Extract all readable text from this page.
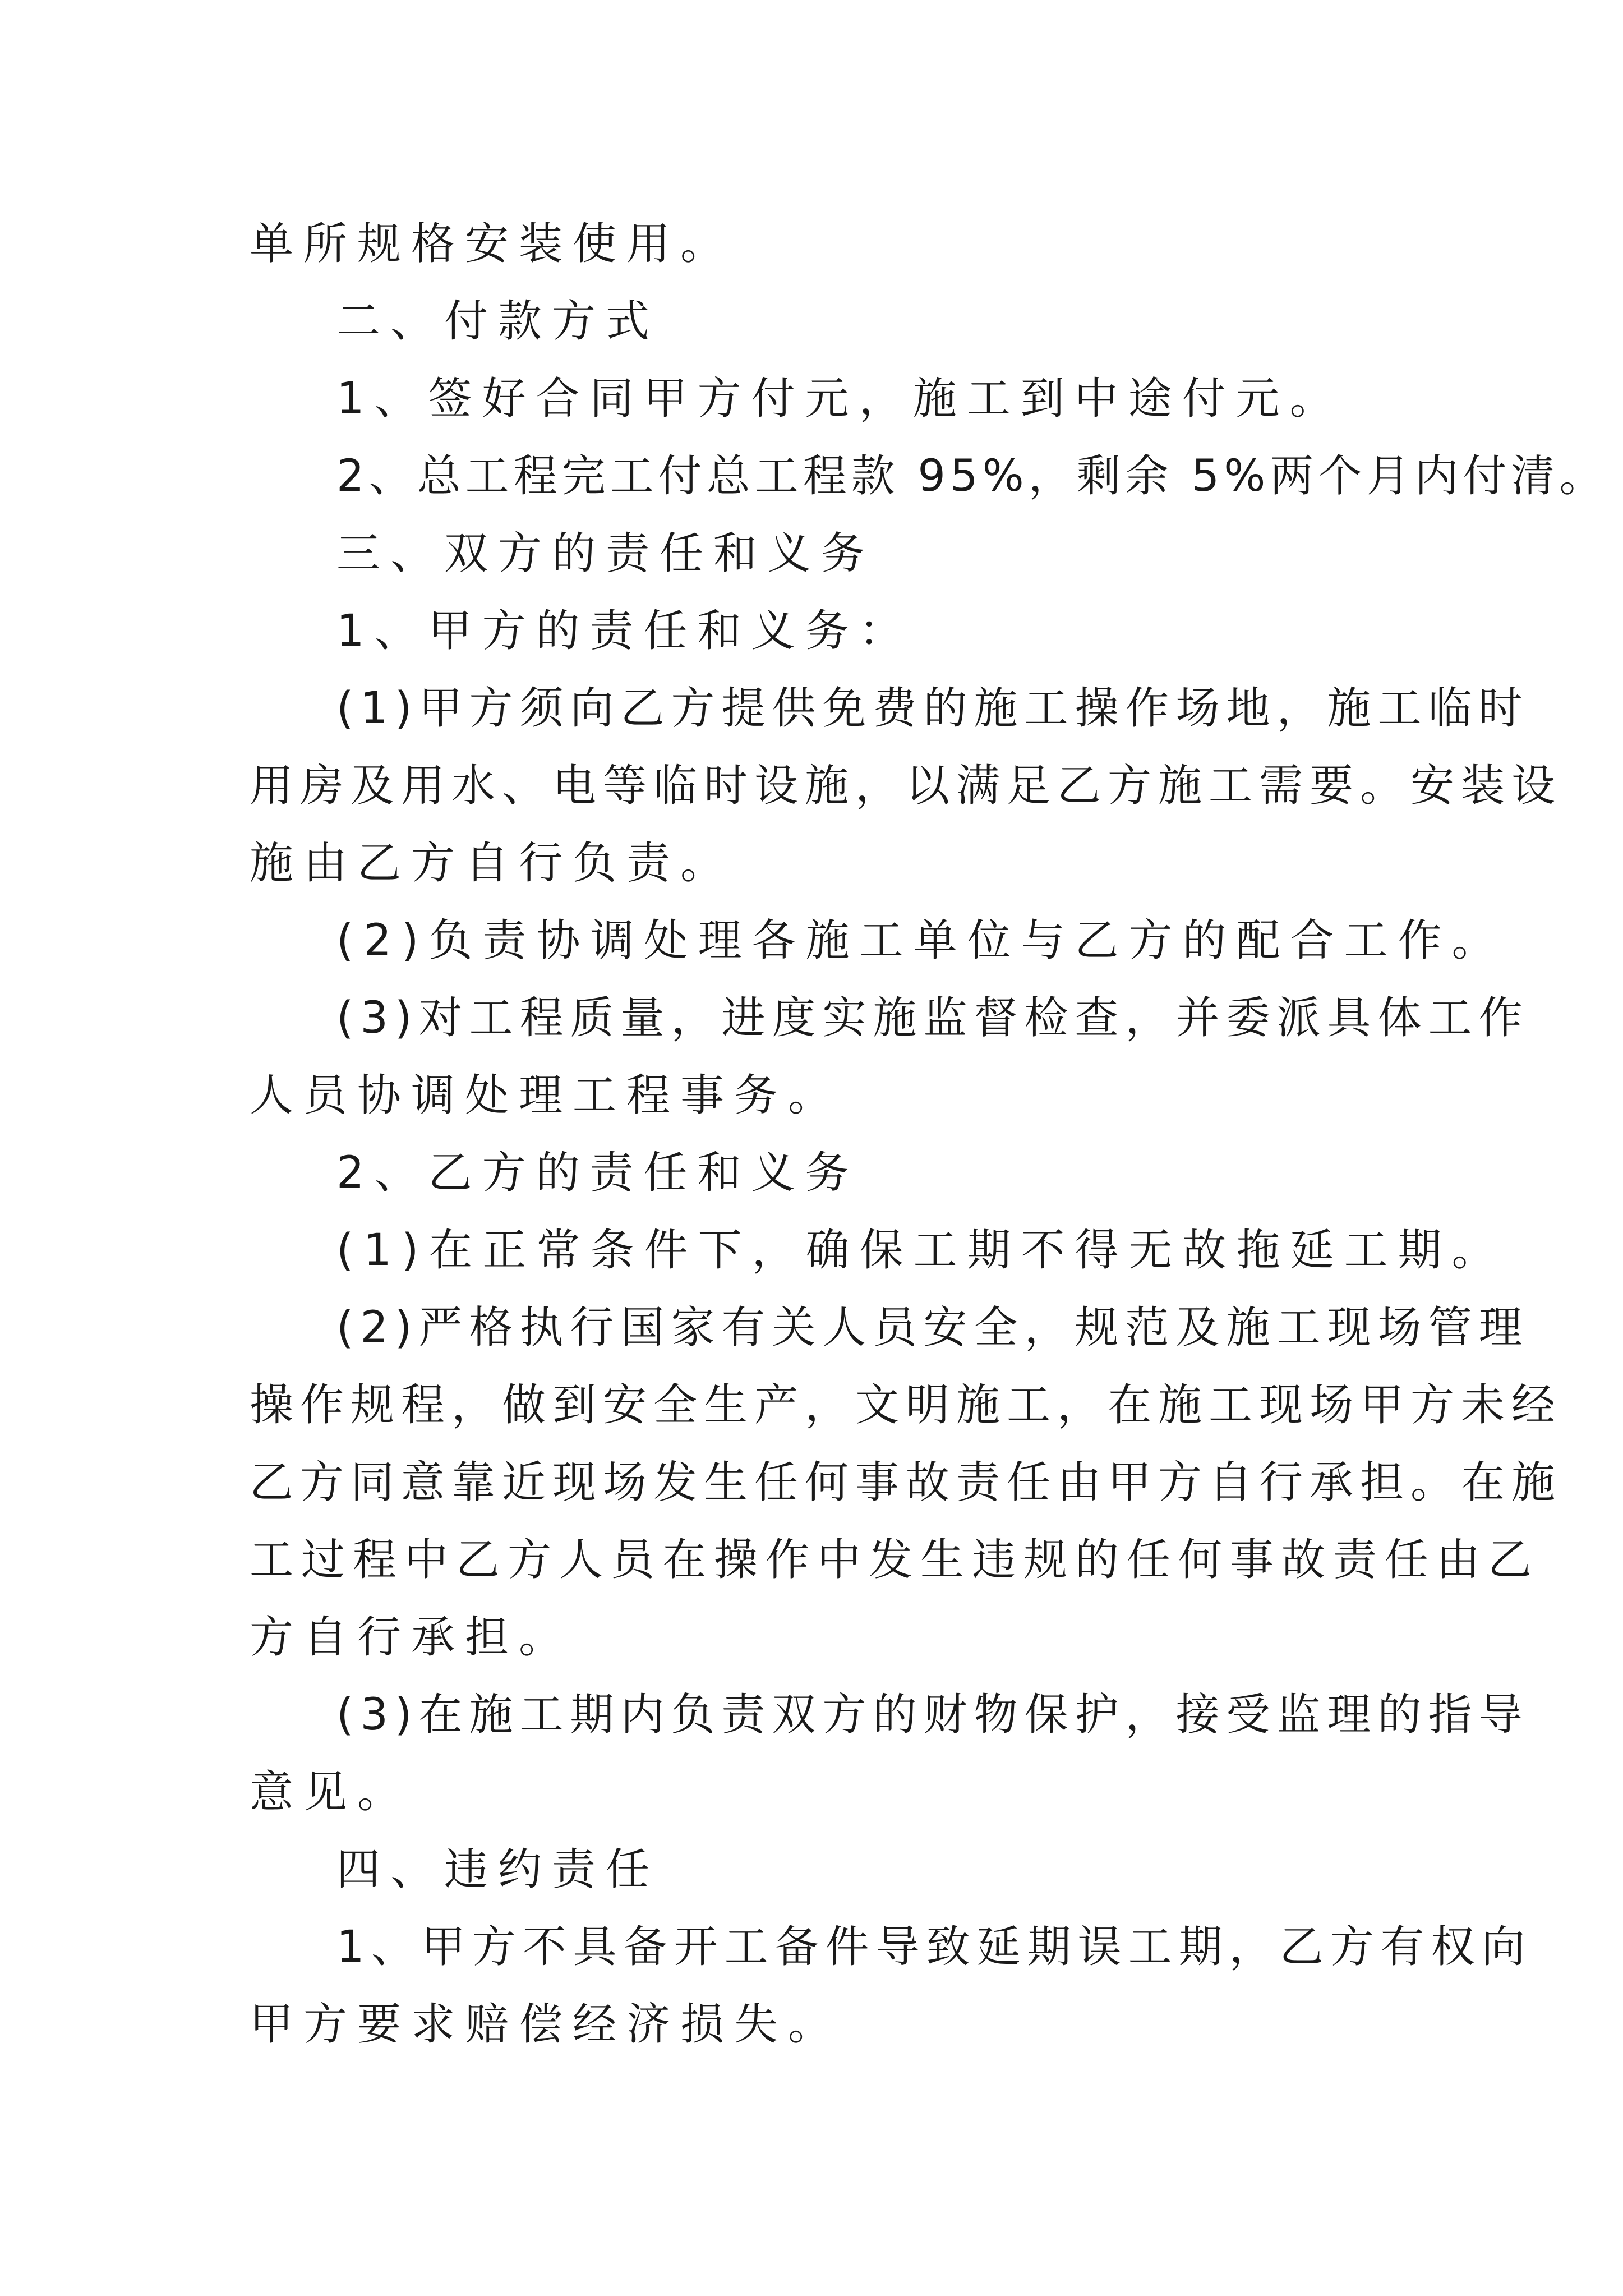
单所规格安装使用。

二、付款方式

1、签好合同甲方付元，施工到中途付元。

2、总工程完工付总工程款 95%，剩余 5%两个月内付清。

三、双方的责任和义务

1、甲方的责任和义务：

(1)甲方须向乙方提供免费的施工操作场地，施工临时

用房及用水、电等临时设施，以满足乙方施工需要。安装设

施由乙方自行负责。

(2)负责协调处理各施工单位与乙方的配合工作。

(3)对工程质量，进度实施监督检查，并委派具体工作

人员协调处理工程事务。

2、乙方的责任和义务

(1)在正常条件下，确保工期不得无故拖延工期。

(2)严格执行国家有关人员安全，规范及施工现场管理

操作规程，做到安全生产，文明施工，在施工现场甲方未经

乙方同意靠近现场发生任何事故责任由甲方自行承担。在施

工过程中乙方人员在操作中发生违规的任何事故责任由乙

方自行承担。

(3)在施工期内负责双方的财物保护，接受监理的指导

意见。

四、违约责任

1、甲方不具备开工备件导致延期误工期，乙方有权向

甲方要求赔偿经济损失。
